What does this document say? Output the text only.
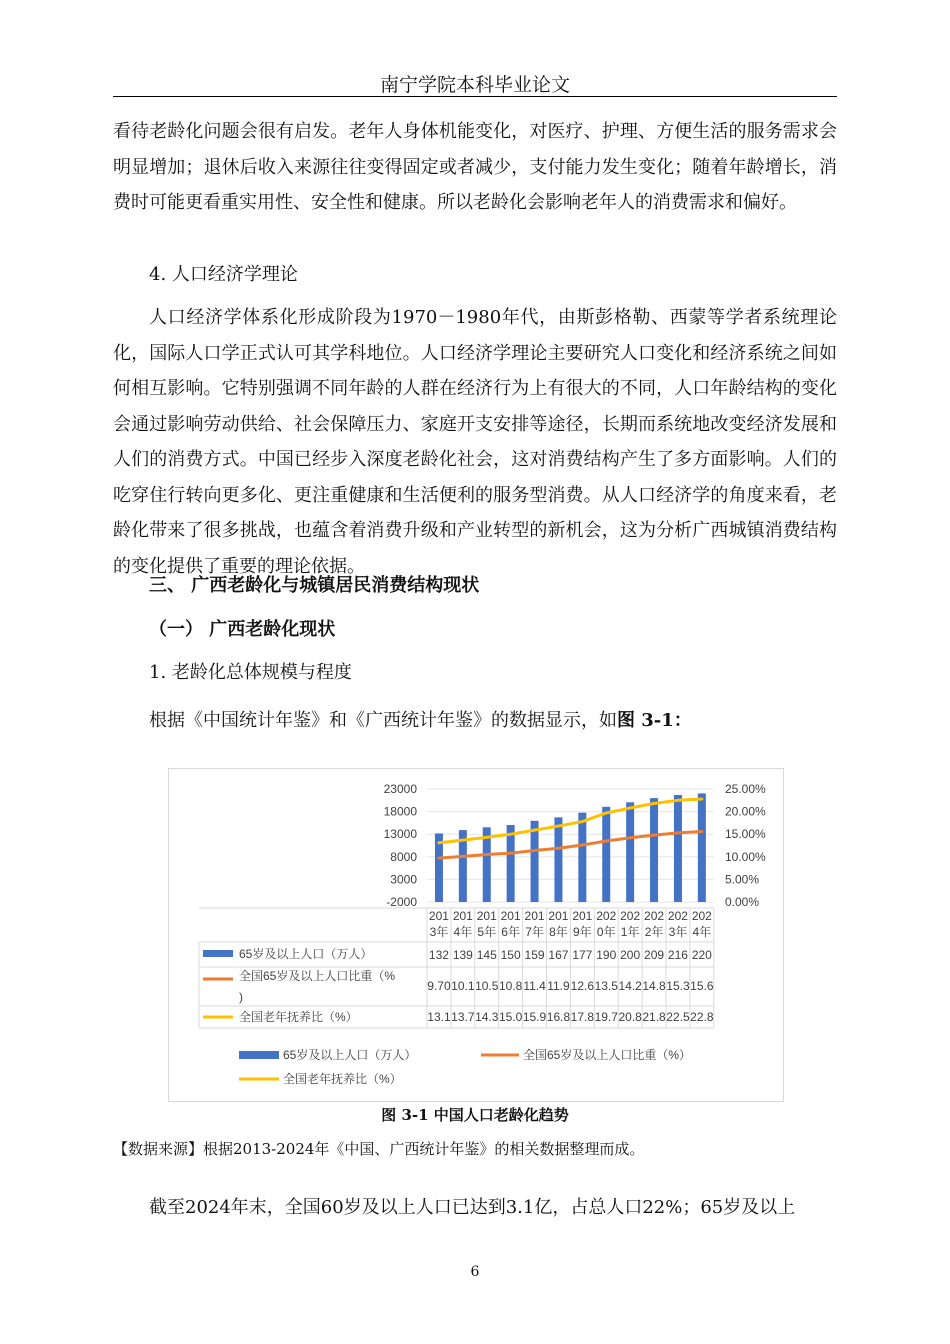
南宁学院本科毕业论文

看待老龄化问题会很有启发。老年人身体机能变化，对医疗、护理、方便生活的服务需求会明显增加；退休后收入来源往往变得固定或者减少，支付能力发生变化；随着年龄增长，消费时可能更看重实用性、安全性和健康。所以老龄化会影响老年人的消费需求和偏好。

4. 人口经济学理论

人口经济学体系化形成阶段为1970－1980年代，由斯彭格勒、西蒙等学者系统理论化，国际人口学正式认可其学科地位。人口经济学理论主要研究人口变化和经济系统之间如何相互影响。它特别强调不同年龄的人群在经济行为上有很大的不同，人口年龄结构的变化会通过影响劳动供给、社会保障压力、家庭开支安排等途径，长期而系统地改变经济发展和人们的消费方式。中国已经步入深度老龄化社会，这对消费结构产生了多方面影响。人们的吃穿住行转向更多化、更注重健康和生活便利的服务型消费。从人口经济学的角度来看，老龄化带来了很多挑战，也蕴含着消费升级和产业转型的新机会，这为分析广西城镇消费结构的变化提供了重要的理论依据。

三、 广西老龄化与城镇居民消费结构现状
（一） 广西老龄化现状
1. 老龄化总体规模与程度
根据《中国统计年鉴》和《广西统计年鉴》的数据显示，如图 3-1：
23000
18000
13000
8000
3000
-2000
25.00%
20.00%
15.00%
10.00%
5.00%
0.00%
201 201 201 201 201 201 201 202 202 202 202 202
3年 4年 5年 6年 7年 8年 9年 0年 1年 2年 3年 4年
65岁及以上人口（万人）
全国65岁及以上人口比重（%
)
全国老年抚养比（%）
132 139 145 150 159 167 177 190 200 209 216 220
9.70 10.1 10.5 10.8 11.4 11.9 12.6 13.5 14.2 14.8 15.3 15.6
13.1 13.7 14.3 15.0 15.9 16.8 17.8 19.7 20.8 21.8 22.5 22.8
65岁及以上人口（万人）	全国65岁及以上人口比重（%）
全国老年抚养比（%）
图 3-1 中国人口老龄化趋势
【数据来源】根据2013-2024年《中国、广西统计年鉴》的相关数据整理而成。
截至2024年末，全国60岁及以上人口已达到3.1亿，占总人口22%；65岁及以上
6
